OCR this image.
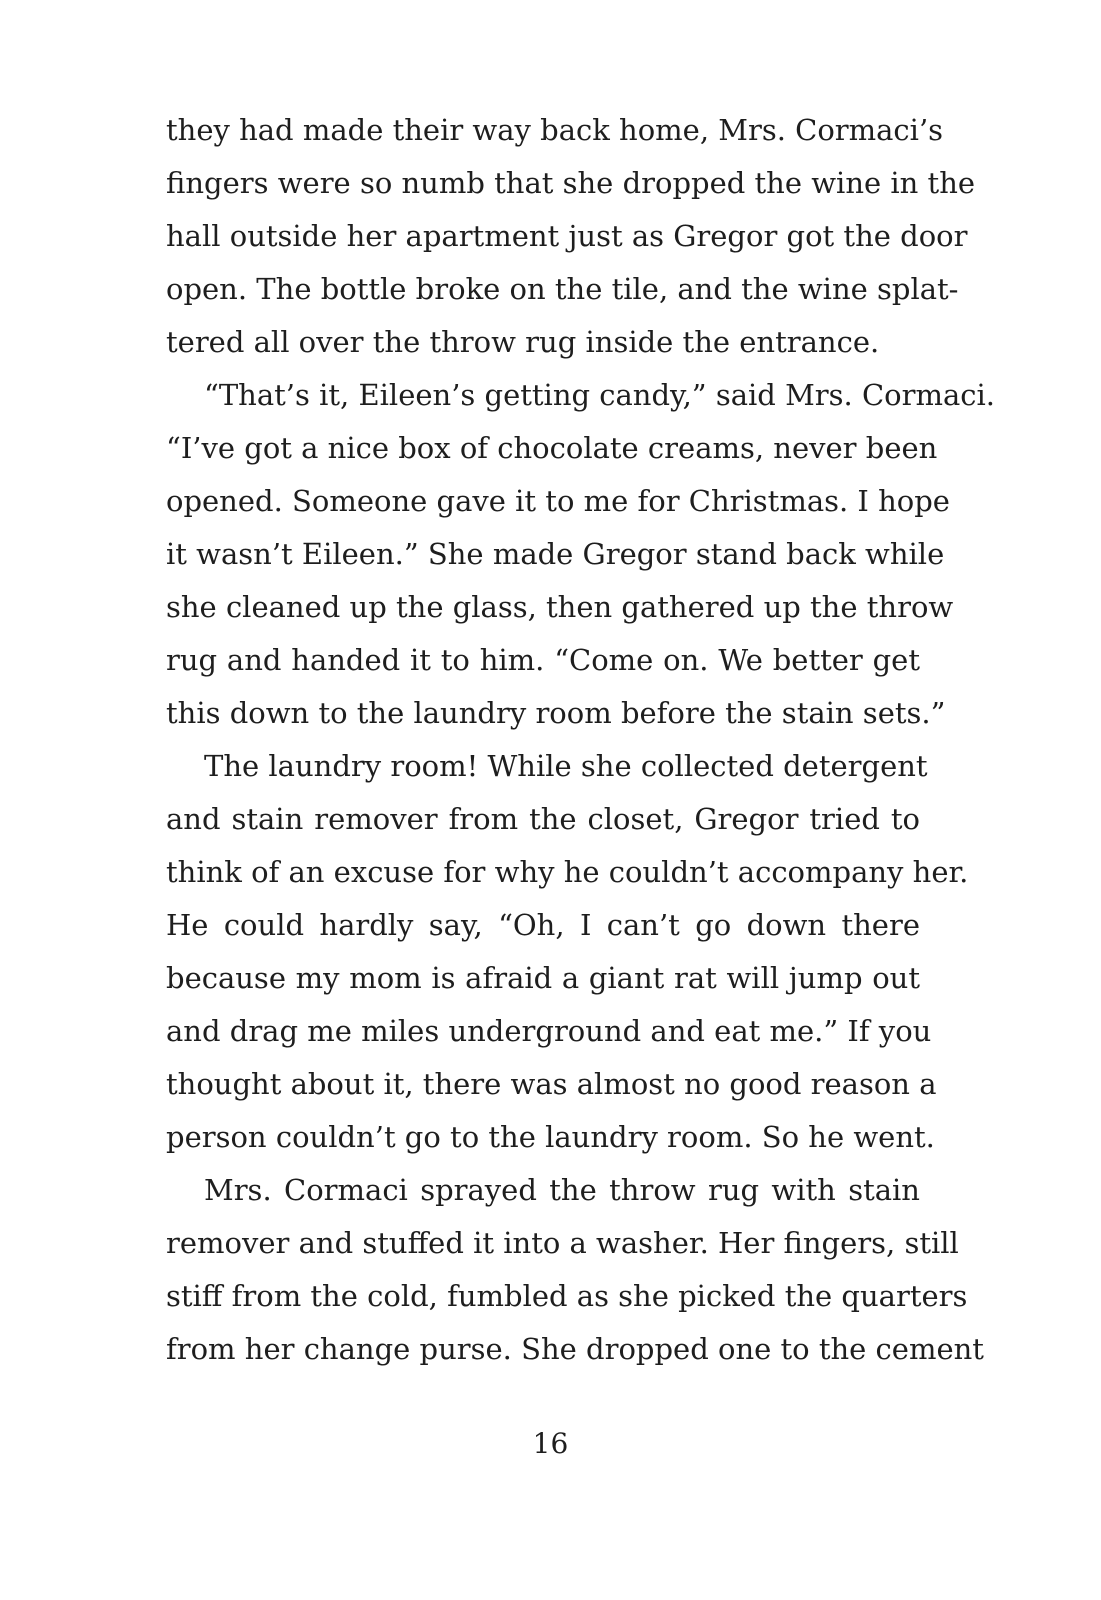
they had made their way back home, Mrs. Cormaci’s
fingers were so numb that she dropped the wine in the
hall outside her apartment just as Gregor got the door
open. The bottle broke on the tile, and the wine splat-
tered all over the throw rug inside the entrance.
“That’s it, Eileen’s getting candy,” said Mrs. Cormaci.
“I’ve got a nice box of chocolate creams, never been
opened. Someone gave it to me for Christmas. I hope
it wasn’t Eileen.” She made Gregor stand back while
she cleaned up the glass, then gathered up the throw
rug and handed it to him. “Come on. We better get
this down to the laundry room before the stain sets.”
The laundry room! While she collected detergent
and stain remover from the closet, Gregor tried to
think of an excuse for why he couldn’t accompany her.
He could hardly say, “Oh, I can’t go down there
because my mom is afraid a giant rat will jump out
and drag me miles underground and eat me.” If you
thought about it, there was almost no good reason a
person couldn’t go to the laundry room. So he went.
Mrs. Cormaci sprayed the throw rug with stain
remover and stuffed it into a washer. Her fingers, still
stiff from the cold, fumbled as she picked the quarters
from her change purse. She dropped one to the cement
16
